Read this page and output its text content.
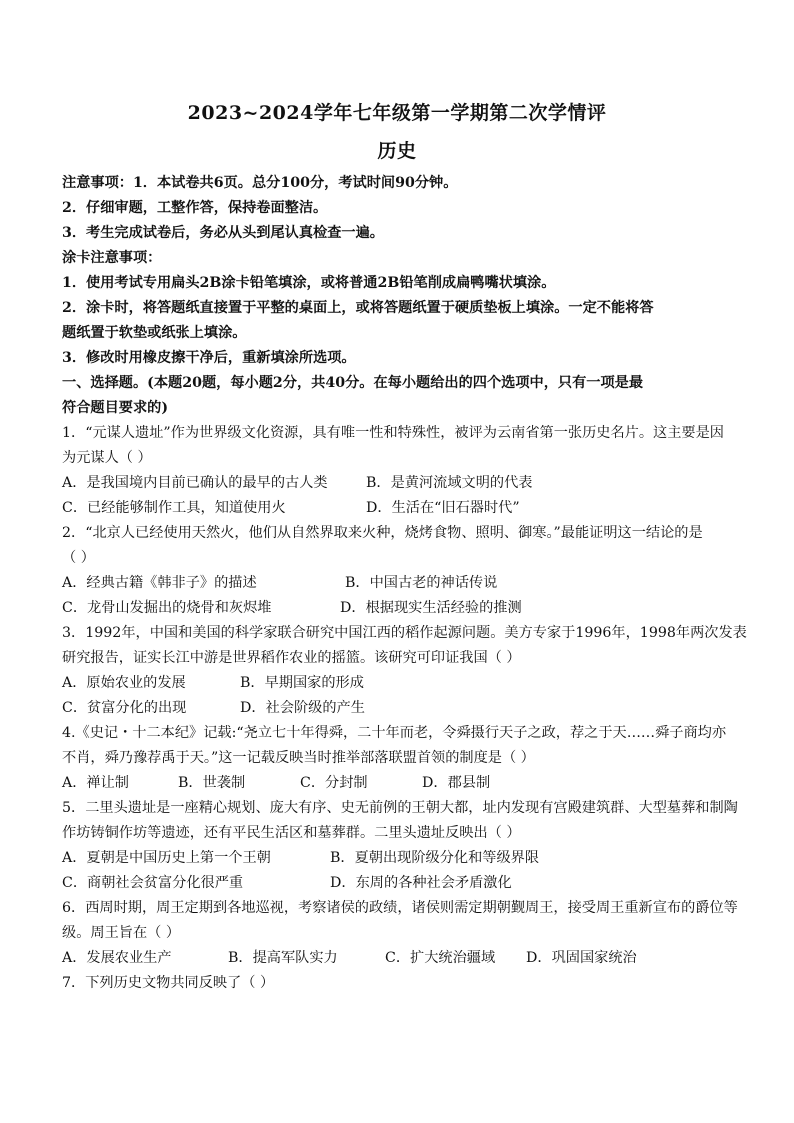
2023~2024学年七年级第一学期第二次学情评
历史
注意事项：1．本试卷共6页。总分100分，考试时间90分钟。
2．仔细审题，工整作答，保持卷面整洁。
3．考生完成试卷后，务必从头到尾认真检查一遍。
涂卡注意事项：
1．使用考试专用扁头2B涂卡铅笔填涂，或将普通2B铅笔削成扁鸭嘴状填涂。
2．涂卡时，将答题纸直接置于平整的桌面上，或将答题纸置于硬质垫板上填涂。一定不能将答
题纸置于软垫或纸张上填涂。
3．修改时用橡皮擦干净后，重新填涂所选项。
一、选择题。(本题20题，每小题2分，共40分。在每小题给出的四个选项中，只有一项是最
符合题目要求的)
1．“元谋人遗址”作为世界级文化资源，具有唯一性和特殊性，被评为云南省第一张历史名片。这主要是因
为元谋人（ ）
A．是我国境内目前已确认的最早的古人类	B．是黄河流域文明的代表
C．已经能够制作工具，知道使用火	D．生活在“旧石器时代”
2．“北京人已经使用天然火，他们从自然界取来火种，烧烤食物、照明、御寒。”最能证明这一结论的是
（ ）
A．经典古籍《韩非子》的描述	B．中国古老的神话传说
C．龙骨山发掘出的烧骨和灰烬堆	D．根据现实生活经验的推测
3．1992年，中国和美国的科学家联合研究中国江西的稻作起源问题。美方专家于1996年，1998年两次发表
研究报告，证实长江中游是世界稻作农业的摇篮。该研究可印证我国（ ）
A．原始农业的发展	B．早期国家的形成
C．贫富分化的出现	D．社会阶级的产生
4.《史记・十二本纪》记载:“尧立七十年得舜，二十年而老，令舜摄行天子之政，荐之于天……舜子商均亦
不肖，舜乃豫荐禹于天。”这一记载反映当时推举部落联盟首领的制度是（ ）
A．禅让制	B．世袭制	C．分封制	D．郡县制
5．二里头遗址是一座精心规划、庞大有序、史无前例的王朝大都，址内发现有宫殿建筑群、大型墓葬和制陶
作坊铸铜作坊等遗迹，还有平民生活区和墓葬群。二里头遗址反映出（ ）
A．夏朝是中国历史上第一个王朝	B．夏朝出现阶级分化和等级界限
C．商朝社会贫富分化很严重	D．东周的各种社会矛盾激化
6．西周时期，周王定期到各地巡视，考察诸侯的政绩，诸侯则需定期朝觐周王，接受周王重新宣布的爵位等
级。周王旨在（ ）
A．发展农业生产	B．提高军队实力	C．扩大统治疆域 D．巩固国家统治
7．下列历史文物共同反映了（ ）
